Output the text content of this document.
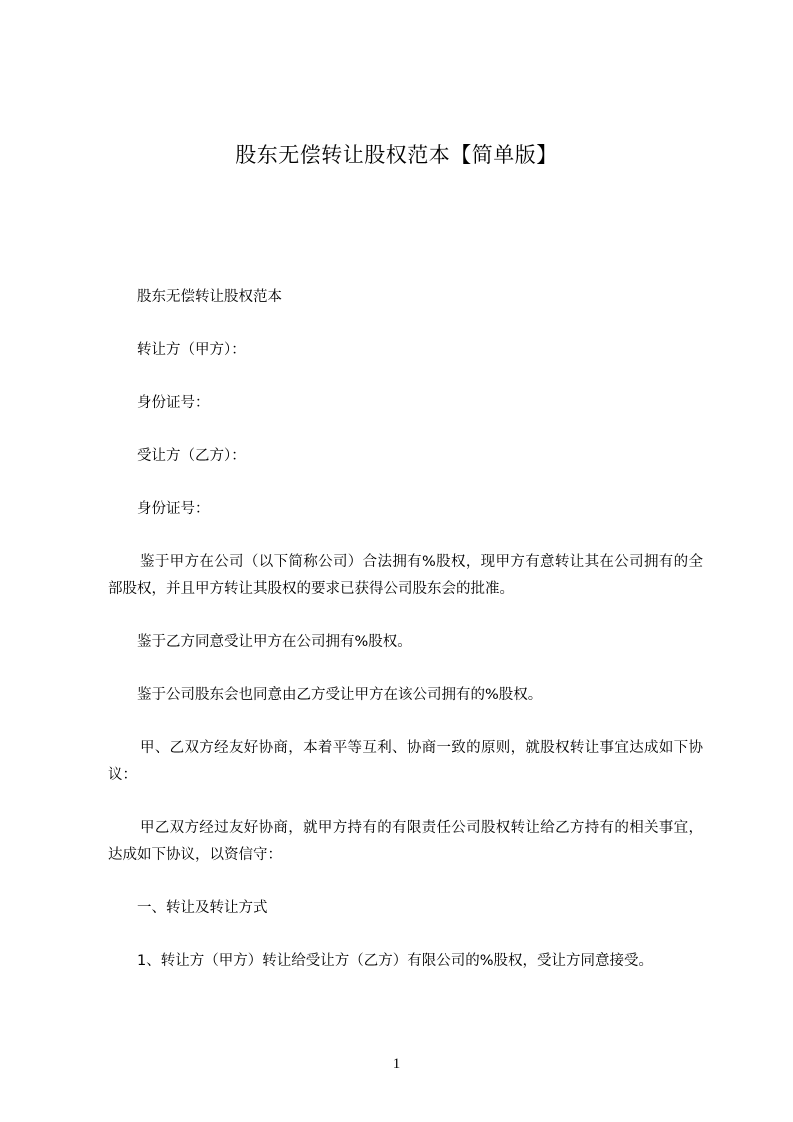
股东无偿转让股权范本【简单版】

股东无偿转让股权范本

转让方（甲方）：

身份证号：

受让方（乙方）：

身份证号：

鉴于甲方在公司（以下简称公司）合法拥有%股权，现甲方有意转让其在公司拥有的全部股权，并且甲方转让其股权的要求已获得公司股东会的批准。

鉴于乙方同意受让甲方在公司拥有%股权。

鉴于公司股东会也同意由乙方受让甲方在该公司拥有的%股权。

甲、乙双方经友好协商，本着平等互利、协商一致的原则，就股权转让事宜达成如下协议：

甲乙双方经过友好协商，就甲方持有的有限责任公司股权转让给乙方持有的相关事宜，达成如下协议，以资信守：

一、转让及转让方式

1、转让方（甲方）转让给受让方（乙方）有限公司的%股权，受让方同意接受。

1
